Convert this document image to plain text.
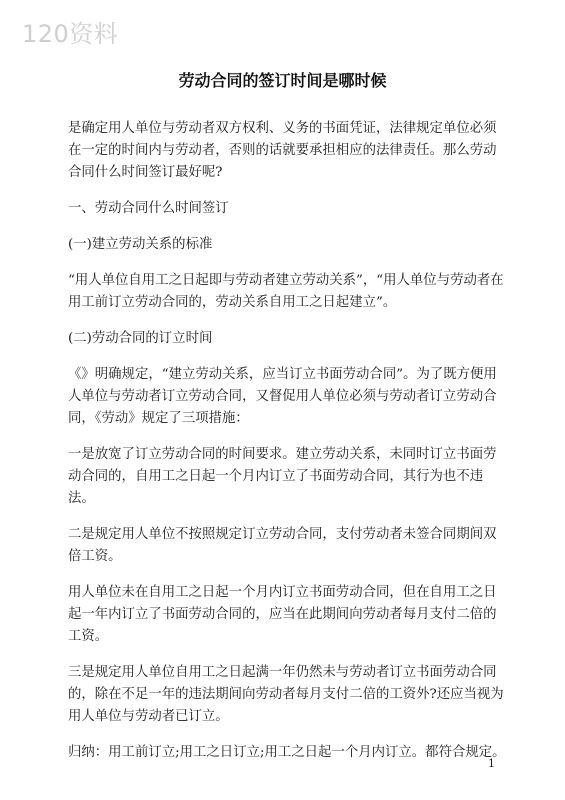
120资料
劳动合同的签订时间是哪时候

是确定用人单位与劳动者双方权利、义务的书面凭证，法律规定单位必须在一定的时间内与劳动者，否则的话就要承担相应的法律责任。那么劳动合同什么时间签订最好呢?

一、劳动合同什么时间签订

(一)建立劳动关系的标准

“用人单位自用工之日起即与劳动者建立劳动关系”，“用人单位与劳动者在用工前订立劳动合同的，劳动关系自用工之日起建立”。

(二)劳动合同的订立时间

《》明确规定，“建立劳动关系，应当订立书面劳动合同”。为了既方便用人单位与劳动者订立劳动合同，又督促用人单位必须与劳动者订立劳动合同，《劳动》规定了三项措施：

一是放宽了订立劳动合同的时间要求。建立劳动关系，未同时订立书面劳动合同的，自用工之日起一个月内订立了书面劳动合同，其行为也不违法。

二是规定用人单位不按照规定订立劳动合同，支付劳动者未签合同期间双倍工资。

用人单位未在自用工之日起一个月内订立书面劳动合同，但在自用工之日起一年内订立了书面劳动合同的，应当在此期间向劳动者每月支付二倍的工资。

三是规定用人单位自用工之日起满一年仍然未与劳动者订立书面劳动合同的，除在不足一年的违法期间向劳动者每月支付二倍的工资外?还应当视为用人单位与劳动者已订立。

归纳：用工前订立;用工之日订立;用工之日起一个月内订立。都符合规定。

1
